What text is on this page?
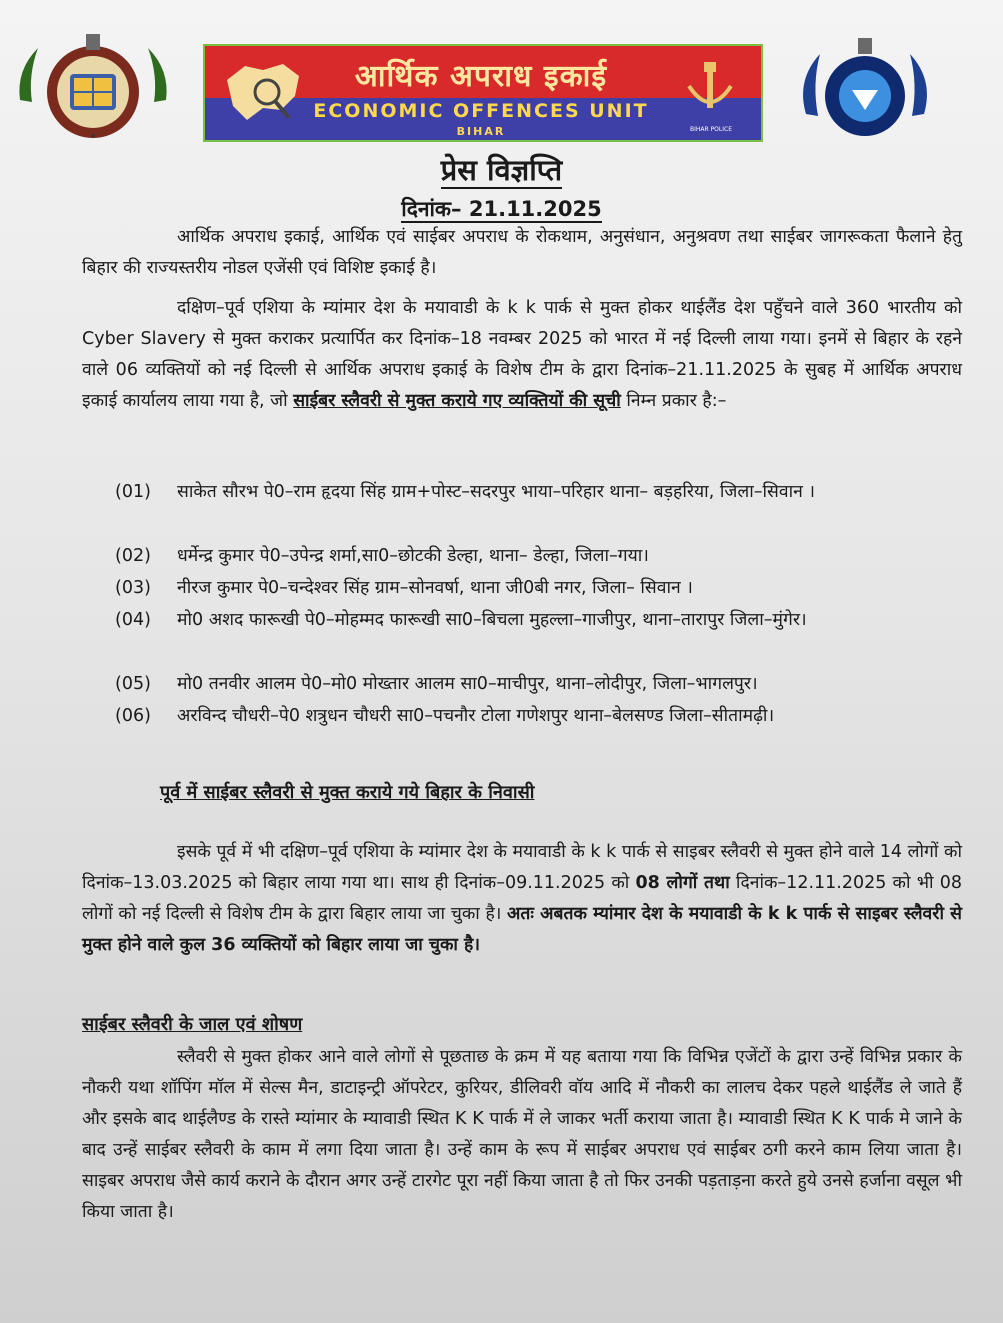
★
आर्थिक अपराध इकाई
ECONOMIC OFFENCES UNIT
BIHAR	BIHAR POLICE
प्रेस विज्ञप्ति
दिनांक– 21.11.2025
आर्थिक अपराध इकाई, आर्थिक एवं साईबर अपराध के रोकथाम, अनुसंधान, अनुश्रवण तथा साईबर जागरूकता फैलाने हेतु बिहार की राज्यस्तरीय नोडल एजेंसी एवं विशिष्ट इकाई है।
दक्षिण–पूर्व एशिया के म्यांमार देश के मयावाडी के k k पार्क से मुक्त होकर थाईलैंड देश पहुँचने वाले 360 भारतीय को Cyber Slavery से मुक्त कराकर प्रत्यार्पित कर दिनांक–18 नवम्बर 2025 को भारत में नई दिल्ली लाया गया। इनमें से बिहार के रहने वाले 06 व्यक्तियों को नई दिल्ली से आर्थिक अपराध इकाई के विशेष टीम के द्वारा दिनांक–21.11.2025 के सुबह में आर्थिक अपराध इकाई कार्यालय लाया गया है, जो साईबर स्लैवरी से मुक्त कराये गए व्यक्तियों की सूची निम्न प्रकार है:–
(01)	साकेत सौरभ पे0–राम हृदया सिंह ग्राम+पोस्ट–सदरपुर भाया–परिहार थाना– बड़हरिया, जिला–सिवान ।
(02)	धर्मेन्द्र कुमार पे0–उपेन्द्र शर्मा,सा0–छोटकी डेल्हा, थाना– डेल्हा, जिला–गया।
(03)	नीरज कुमार पे0–चन्देश्वर सिंह ग्राम–सोनवर्षा, थाना जी0बी नगर, जिला– सिवान ।
(04)	मो0 अशद फारूखी पे0–मोहम्मद फारूखी सा0–बिचला मुहल्ला–गाजीपुर, थाना–तारापुर जिला–मुंगेर।
(05)	मो0 तनवीर आलम पे0–मो0 मोख्तार आलम सा0–माचीपुर, थाना–लोदीपुर, जिला–भागलपुर।
(06)	अरविन्द चौधरी–पे0 शत्रुधन चौधरी सा0–पचनौर टोला गणेशपुर थाना–बेलसण्ड जिला–सीतामढ़ी।
पूर्व में साईबर स्लैवरी से मुक्त कराये गये बिहार के निवासी
इसके पूर्व में भी दक्षिण–पूर्व एशिया के म्यांमार देश के मयावाडी के k k पार्क से साइबर स्लैवरी से मुक्त होने वाले 14 लोगों को दिनांक–13.03.2025 को बिहार लाया गया था। साथ ही दिनांक–09.11.2025 को 08 लोगों तथा दिनांक–12.11.2025 को भी 08 लोगों को नई दिल्ली से विशेष टीम के द्वारा बिहार लाया जा चुका है। अतः अबतक म्यांमार देश के मयावाडी के k k पार्क से साइबर स्लैवरी से मुक्त होने वाले कुल 36 व्यक्तियों को बिहार लाया जा चुका है।
साईबर स्लैवरी के जाल एवं शोषण
स्लैवरी से मुक्त होकर आने वाले लोगों से पूछताछ के क्रम में यह बताया गया कि विभिन्न एजेंटों के द्वारा उन्हें विभिन्न प्रकार के नौकरी यथा शॉपिंग मॉल में सेल्स मैन, डाटाइन्ट्री ऑपरेटर, कुरियर, डीलिवरी वॉय आदि में नौकरी का लालच देकर पहले थाईलैंड ले जाते हैं और इसके बाद थाईलैण्ड के रास्ते म्यांमार के म्यावाडी स्थित K K पार्क में ले जाकर भर्ती कराया जाता है। म्यावाडी स्थित K K पार्क मे जाने के बाद उन्हें साईबर स्लैवरी के काम में लगा दिया जाता है। उन्हें काम के रूप में साईबर अपराध एवं साईबर ठगी करने काम लिया जाता है। साइबर अपराध जैसे कार्य कराने के दौरान अगर उन्हें टारगेट पूरा नहीं किया जाता है तो फिर उनकी पड़ताड़ना करते हुये उनसे हर्जाना वसूल भी किया जाता है।
